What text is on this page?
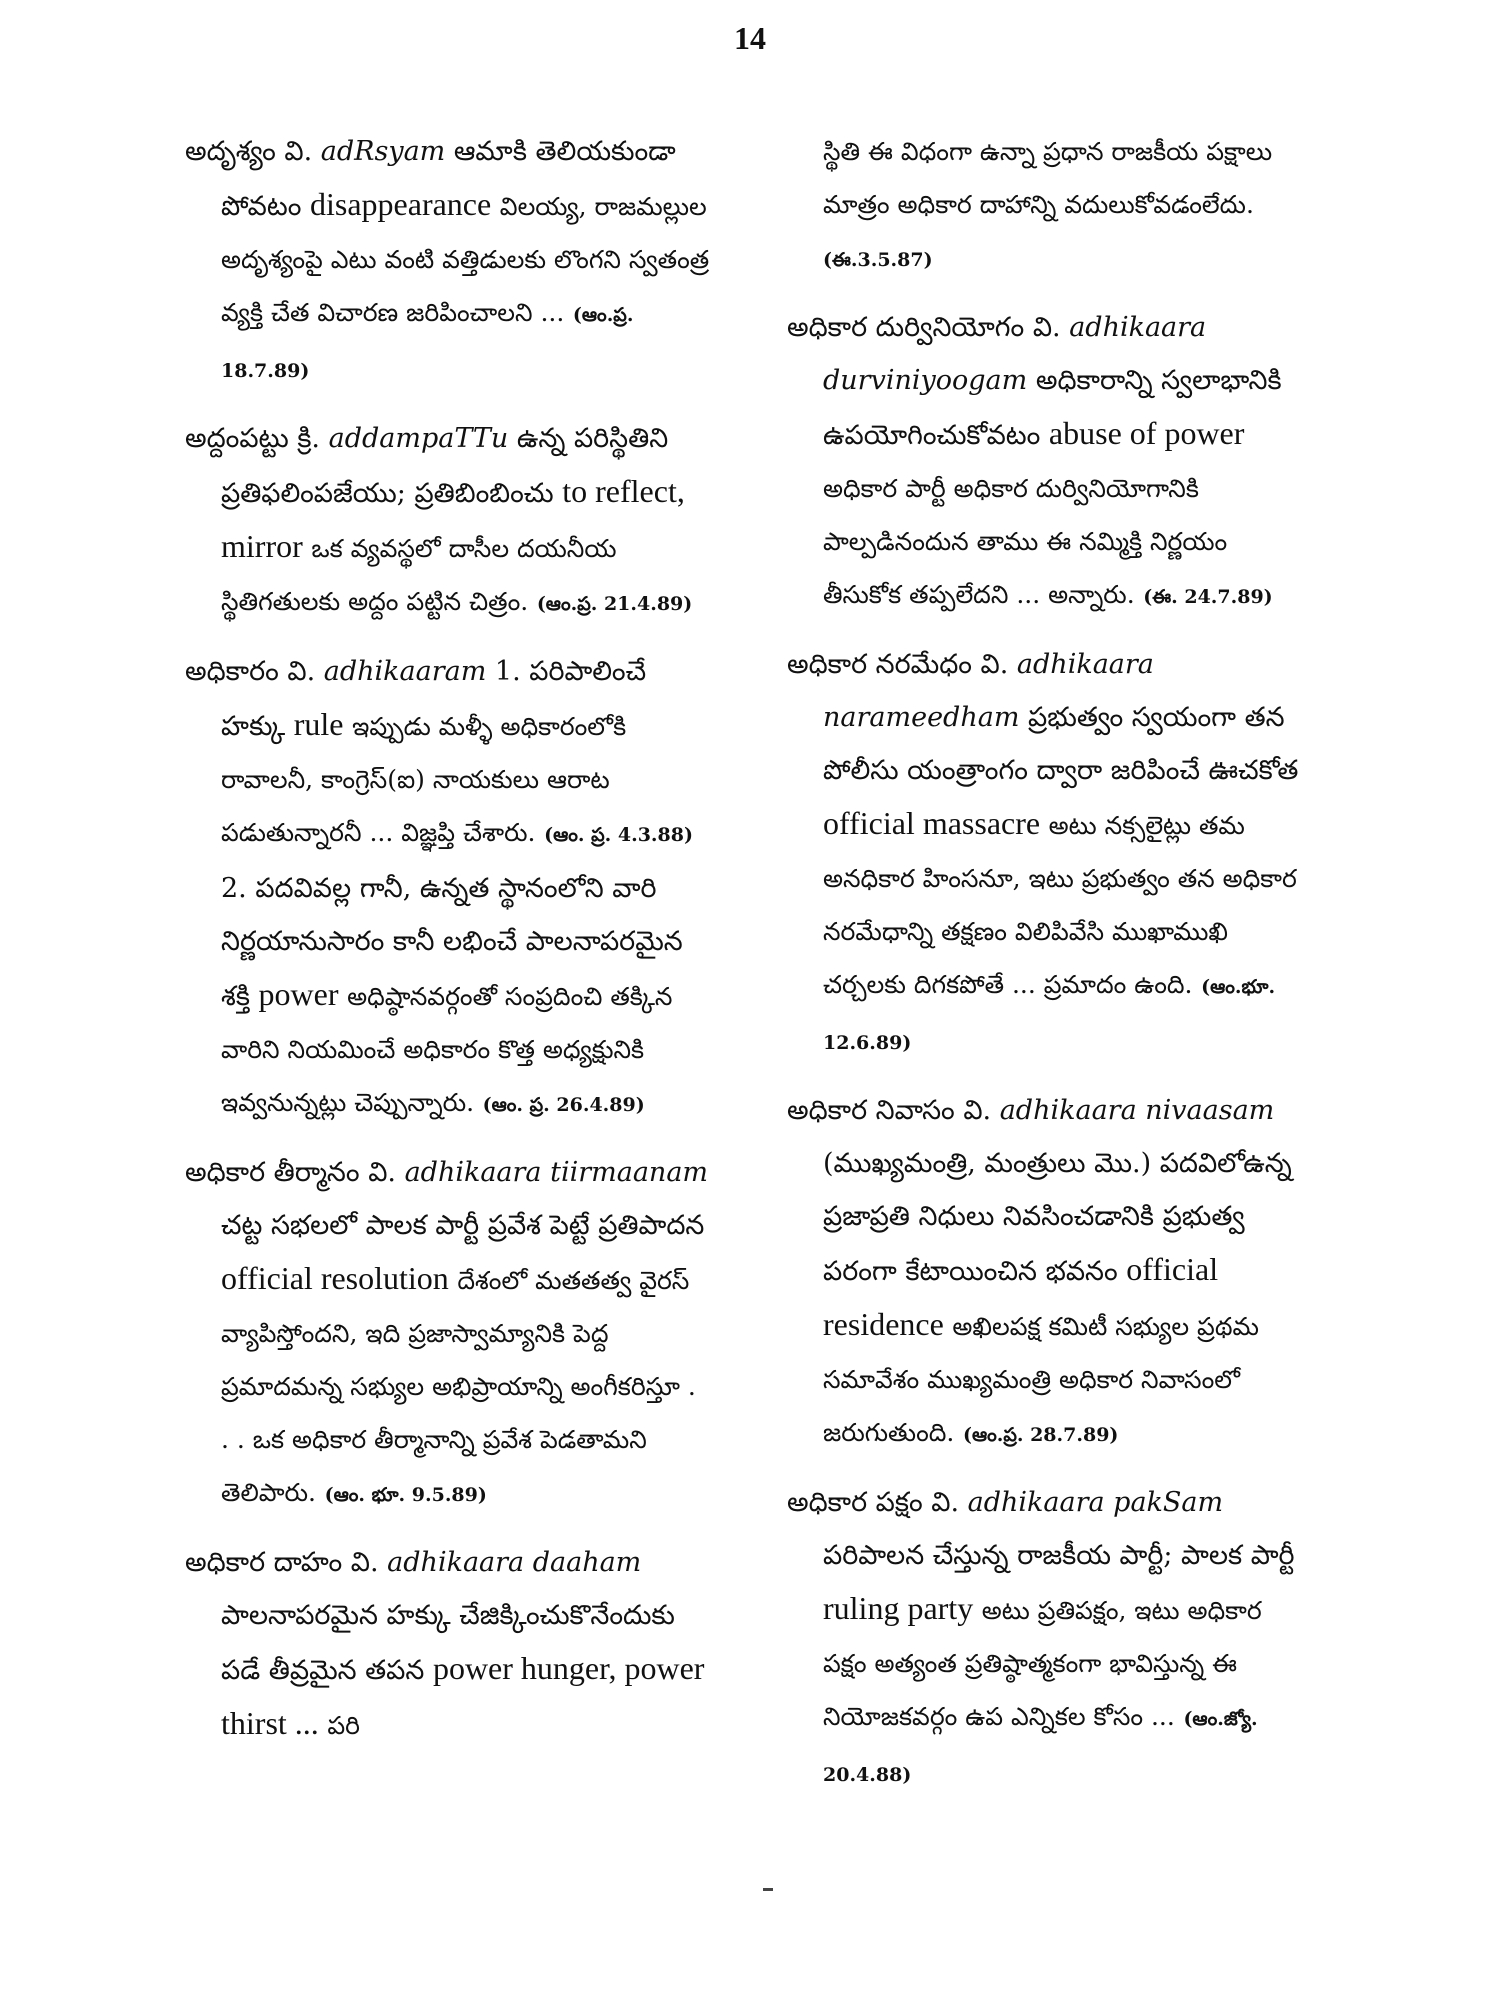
14

అదృశ్యం వి. adRsyam ఆమాకి తెలియకుండా పోవటం disappearance విలయ్య, రాజమల్లుల అదృశ్యంపై ఎటు వంటి వత్తిడులకు లొంగని స్వతంత్ర వ్యక్తి చేత విచారణ జరిపించాలని ... (ఆం.ప్ర. 18.7.89)

అద్దంపట్టు క్రి. addampaTTu ఉన్న పరిస్థితిని ప్రతిఫలింపజేయు; ప్రతిబింబించు to reflect, mirror ఒక వ్యవస్థలో దాసీల దయనీయ స్థితిగతులకు అద్దం పట్టిన చిత్రం. (ఆం.ప్ర. 21.4.89)

అధికారం వి. adhikaaram 1. పరిపాలించే హక్కు rule ఇప్పుడు మళ్ళీ అధికారంలోకి రావాలనీ, కాంగ్రెస్(ఐ) నాయకులు ఆరాట పడుతున్నారనీ ... విజ్ఞప్తి చేశారు. (ఆం. ప్ర. 4.3.88) 2. పదవివల్ల గానీ, ఉన్నత స్థానంలోని వారి నిర్ణయానుసారం కానీ లభించే పాలనాపరమైన శక్తి power అధిష్ఠానవర్గంతో సంప్రదించి తక్కిన వారిని నియమించే అధికారం కొత్త అధ్యక్షునికి ఇవ్వనున్నట్లు చెప్పున్నారు. (ఆం. ప్ర. 26.4.89)

అధికార తీర్మానం వి. adhikaara tiirmaanam చట్ట సభలలో పాలక పార్టీ ప్రవేశ పెట్టే ప్రతిపాదన official resolution దేశంలో మతతత్వ వైరస్ వ్యాపిస్తోందని, ఇది ప్రజాస్వామ్యానికి పెద్ద ప్రమాదమన్న సభ్యుల అభిప్రాయాన్ని అంగీకరిస్తూ . . . ఒక అధికార తీర్మానాన్ని ప్రవేశ పెడతామని తెలిపారు. (ఆం. భూ. 9.5.89)

అధికార దాహం వి. adhikaara daaham పాలనాపరమైన హక్కు చేజిక్కించుకొనేందుకు పడే తీవ్రమైన తపన power hunger, power thirst ... పరి

స్థితి ఈ విధంగా ఉన్నా ప్రధాన రాజకీయ పక్షాలు మాత్రం అధికార దాహాన్ని వదులుకోవడంలేదు. (ఈ.3.5.87)

అధికార దుర్వినియోగం వి. adhikaara durviniyoogam అధికారాన్ని స్వలాభానికి ఉపయోగించుకోవటం abuse of power అధికార పార్టీ అధికార దుర్వినియోగానికి పాల్పడినందున తాము ఈ నమ్మిక్తి నిర్ణయం తీసుకోక తప్పలేదని ... అన్నారు. (ఈ. 24.7.89)

అధికార నరమేధం వి. adhikaara narameedham ప్రభుత్వం స్వయంగా తన పోలీసు యంత్రాంగం ద్వారా జరిపించే ఊచకోత official massacre అటు నక్సలైట్లు తమ అనధికార హింసనూ, ఇటు ప్రభుత్వం తన అధికార నరమేధాన్ని తక్షణం విలిపివేసి ముఖాముఖి చర్చలకు దిగకపోతే ... ప్రమాదం ఉంది. (ఆం.భూ. 12.6.89)

అధికార నివాసం వి. adhikaara nivaasam (ముఖ్యమంత్రి, మంత్రులు మొ.) పదవిలోఉన్న ప్రజాప్రతి నిధులు నివసించడానికి ప్రభుత్వ పరంగా కేటాయించిన భవనం official residence అఖిలపక్ష కమిటీ సభ్యుల ప్రథమ సమావేశం ముఖ్యమంత్రి అధికార నివాసంలో జరుగుతుంది. (ఆం.ప్ర. 28.7.89)

అధికార పక్షం వి. adhikaara pakSam పరిపాలన చేస్తున్న రాజకీయ పార్టీ; పాలక పార్టీ ruling party అటు ప్రతిపక్షం, ఇటు అధికార పక్షం అత్యంత ప్రతిష్ఠాత్మకంగా భావిస్తున్న ఈ నియోజకవర్గం ఉప ఎన్నికల కోసం ... (ఆం.జ్యో. 20.4.88)
